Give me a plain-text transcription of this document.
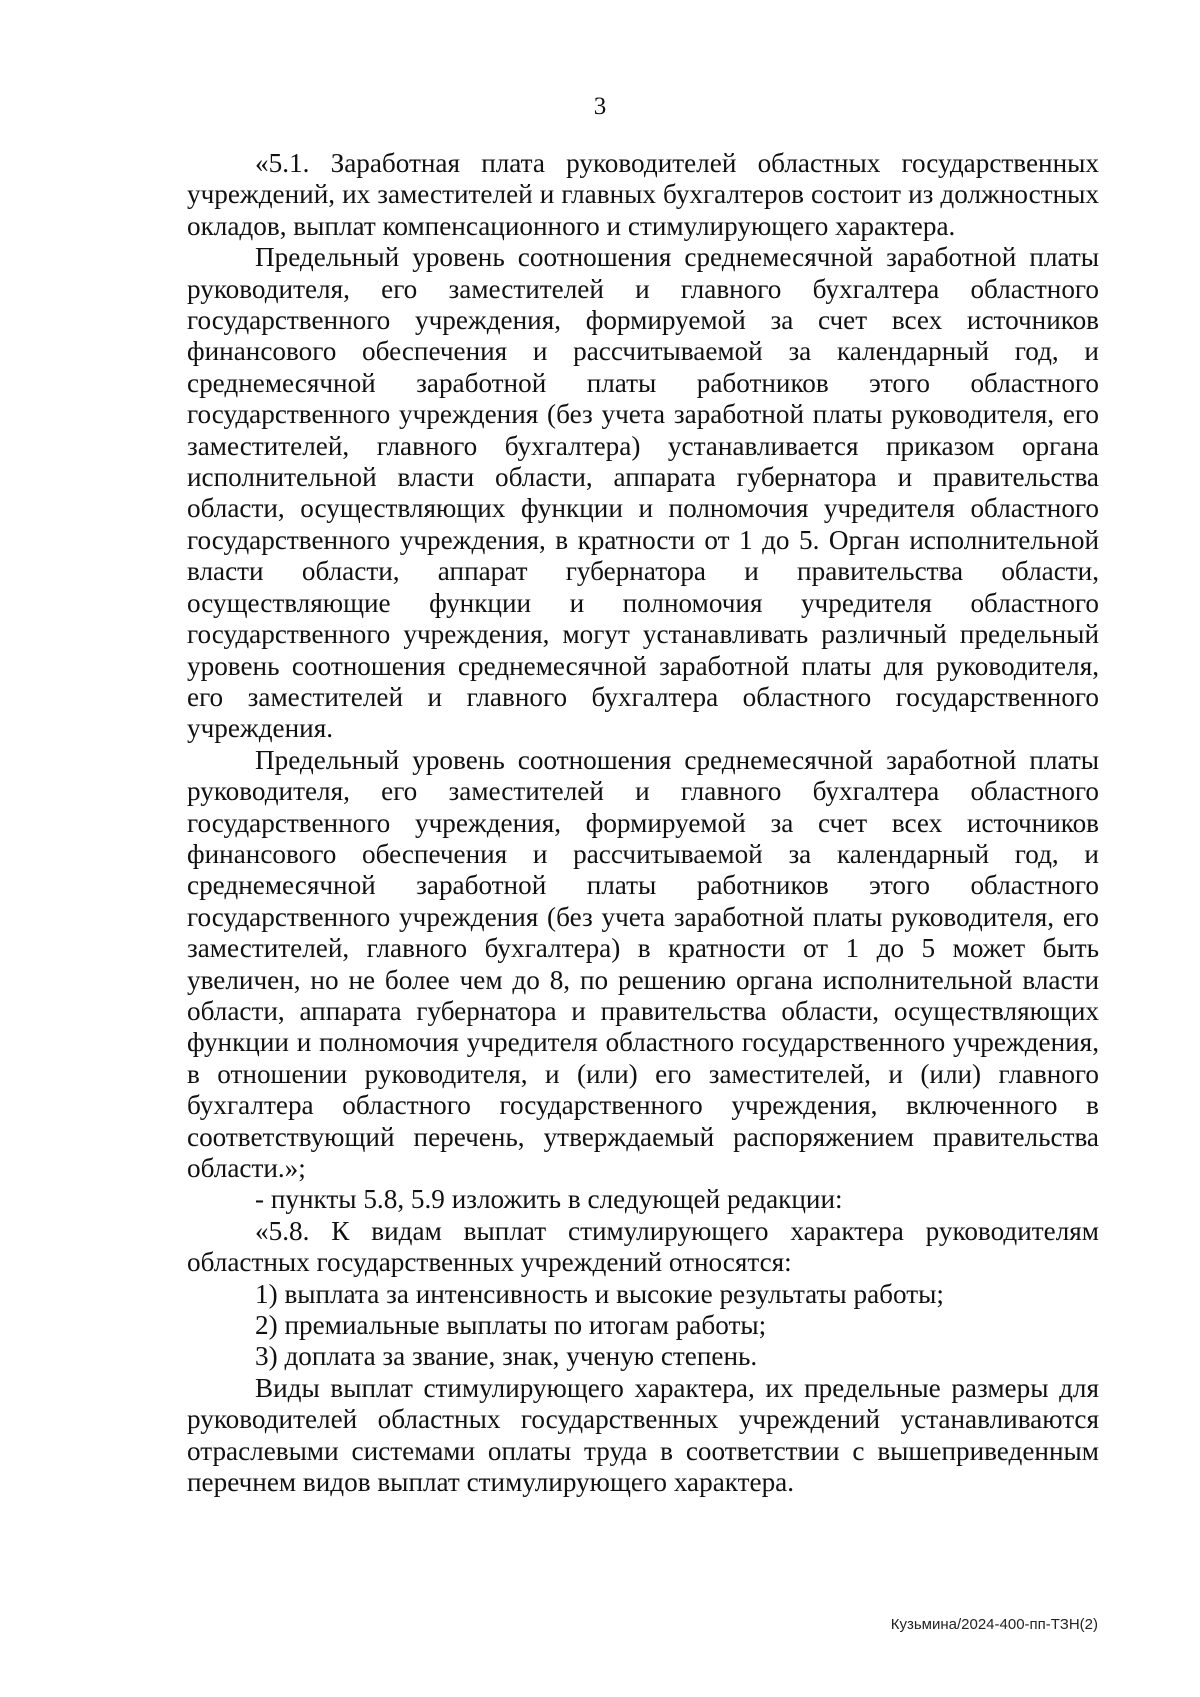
3

«5.1. Заработная плата руководителей областных государственных учреждений, их заместителей и главных бухгалтеров состоит из должностных окладов, выплат компенсационного и стимулирующего характера.

Предельный уровень соотношения среднемесячной заработной платы руководителя, его заместителей и главного бухгалтера областного государственного учреждения, формируемой за счет всех источников финансового обеспечения и рассчитываемой за календарный год, и среднемесячной заработной платы работников этого областного государственного учреждения (без учета заработной платы руководителя, его заместителей, главного бухгалтера) устанавливается приказом органа исполнительной власти области, аппарата губернатора и правительства области, осуществляющих функции и полномочия учредителя областного государственного учреждения, в кратности от 1 до 5. Орган исполнительной власти области, аппарат губернатора и правительства области, осуществляющие функции и полномочия учредителя областного государственного учреждения, могут устанавливать различный предельный уровень соотношения среднемесячной заработной платы для руководителя, его заместителей и главного бухгалтера областного государственного учреждения.

Предельный уровень соотношения среднемесячной заработной платы руководителя, его заместителей и главного бухгалтера областного государственного учреждения, формируемой за счет всех источников финансового обеспечения и рассчитываемой за календарный год, и среднемесячной заработной платы работников этого областного государственного учреждения (без учета заработной платы руководителя, его заместителей, главного бухгалтера) в кратности от 1 до 5 может быть увеличен, но не более чем до 8, по решению органа исполнительной власти области, аппарата губернатора и правительства области, осуществляющих функции и полномочия учредителя областного государственного учреждения, в отношении руководителя, и (или) его заместителей, и (или) главного бухгалтера областного государственного учреждения, включенного в соответствующий перечень, утверждаемый распоряжением правительства области.»;

- пункты 5.8, 5.9 изложить в следующей редакции:

«5.8. К видам выплат стимулирующего характера руководителям областных государственных учреждений относятся:

1) выплата за интенсивность и высокие результаты работы;

2) премиальные выплаты по итогам работы;

3) доплата за звание, знак, ученую степень.

Виды выплат стимулирующего характера, их предельные размеры для руководителей областных государственных учреждений устанавливаются отраслевыми системами оплаты труда в соответствии с вышеприведенным перечнем видов выплат стимулирующего характера.

Кузьмина/2024-400-пп-ТЗН(2)
